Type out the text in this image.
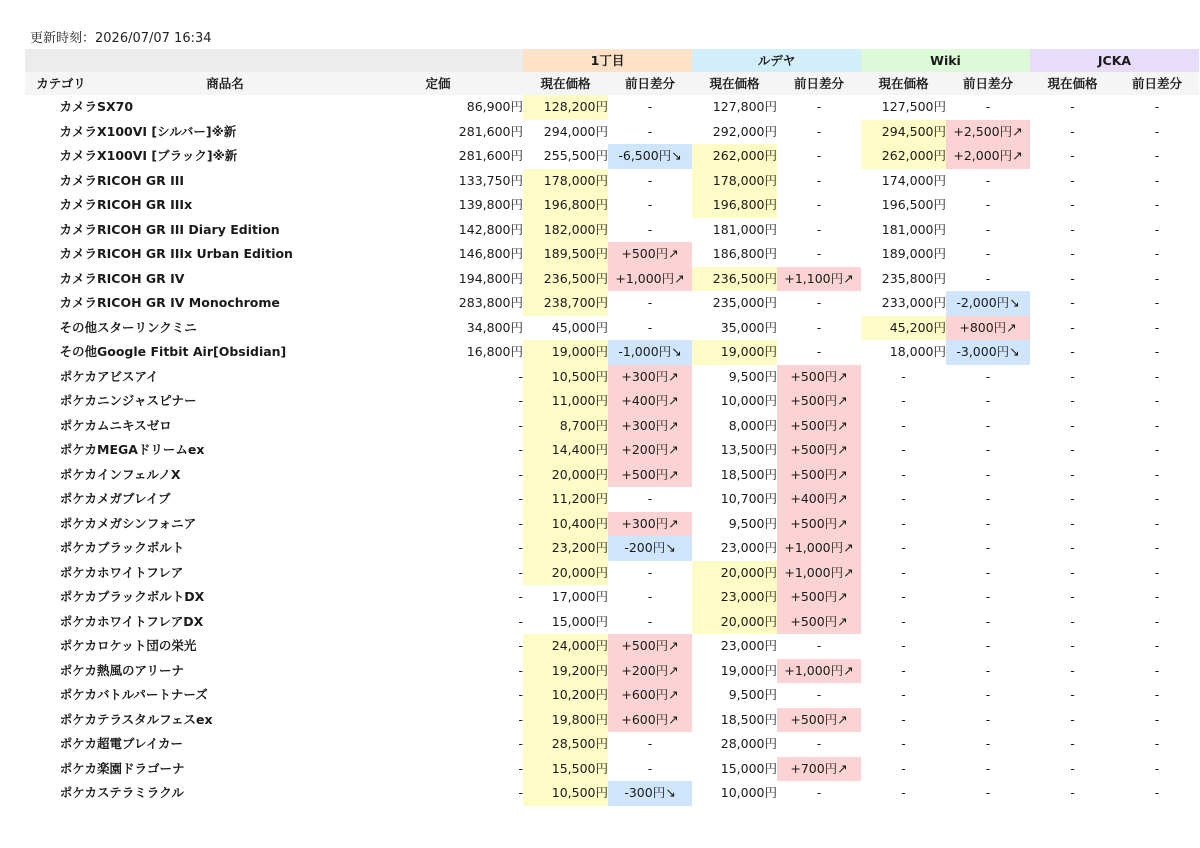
更新時刻：2026/07/07 16:34
			1丁目		ルデヤ		Wiki		JCKA	
カテゴリ	商品名	定価	現在価格	前日差分	現在価格	前日差分	現在価格	前日差分	現在価格	前日差分
カメラ	SX70	86,900円	128,200円	-	127,800円	-	127,500円	-	-	-
カメラ	X100VI [シルバー]※新	281,600円	294,000円	-	292,000円	-	294,500円	+2,500円↗	-	-
カメラ	X100VI [ブラック]※新	281,600円	255,500円	-6,500円↘	262,000円	-	262,000円	+2,000円↗	-	-
カメラ	RICOH GR III	133,750円	178,000円	-	178,000円	-	174,000円	-	-	-
カメラ	RICOH GR IIIx	139,800円	196,800円	-	196,800円	-	196,500円	-	-	-
カメラ	RICOH GR III Diary Edition	142,800円	182,000円	-	181,000円	-	181,000円	-	-	-
カメラ	RICOH GR IIIx Urban Edition	146,800円	189,500円	+500円↗	186,800円	-	189,000円	-	-	-
カメラ	RICOH GR IV	194,800円	236,500円	+1,000円↗	236,500円	+1,100円↗	235,800円	-	-	-
カメラ	RICOH GR IV Monochrome	283,800円	238,700円	-	235,000円	-	233,000円	-2,000円↘	-	-
その他	スターリンクミニ	34,800円	45,000円	-	35,000円	-	45,200円	+800円↗	-	-
その他	Google Fitbit Air[Obsidian]	16,800円	19,000円	-1,000円↘	19,000円	-	18,000円	-3,000円↘	-	-
ポケカ	アビスアイ	-	10,500円	+300円↗	9,500円	+500円↗	-	-	-	-
ポケカ	ニンジャスピナー	-	11,000円	+400円↗	10,000円	+500円↗	-	-	-	-
ポケカ	ムニキスゼロ	-	8,700円	+300円↗	8,000円	+500円↗	-	-	-	-
ポケカ	MEGAドリームex	-	14,400円	+200円↗	13,500円	+500円↗	-	-	-	-
ポケカ	インフェルノX	-	20,000円	+500円↗	18,500円	+500円↗	-	-	-	-
ポケカ	メガブレイブ	-	11,200円	-	10,700円	+400円↗	-	-	-	-
ポケカ	メガシンフォニア	-	10,400円	+300円↗	9,500円	+500円↗	-	-	-	-
ポケカ	ブラックボルト	-	23,200円	-200円↘	23,000円	+1,000円↗	-	-	-	-
ポケカ	ホワイトフレア	-	20,000円	-	20,000円	+1,000円↗	-	-	-	-
ポケカ	ブラックボルトDX	-	17,000円	-	23,000円	+500円↗	-	-	-	-
ポケカ	ホワイトフレアDX	-	15,000円	-	20,000円	+500円↗	-	-	-	-
ポケカ	ロケット団の栄光	-	24,000円	+500円↗	23,000円	-	-	-	-	-
ポケカ	熱風のアリーナ	-	19,200円	+200円↗	19,000円	+1,000円↗	-	-	-	-
ポケカ	バトルパートナーズ	-	10,200円	+600円↗	9,500円	-	-	-	-	-
ポケカ	テラスタルフェスex	-	19,800円	+600円↗	18,500円	+500円↗	-	-	-	-
ポケカ	超電ブレイカー	-	28,500円	-	28,000円	-	-	-	-	-
ポケカ	楽園ドラゴーナ	-	15,500円	-	15,000円	+700円↗	-	-	-	-
ポケカ	ステラミラクル	-	10,500円	-300円↘	10,000円	-	-	-	-	-
